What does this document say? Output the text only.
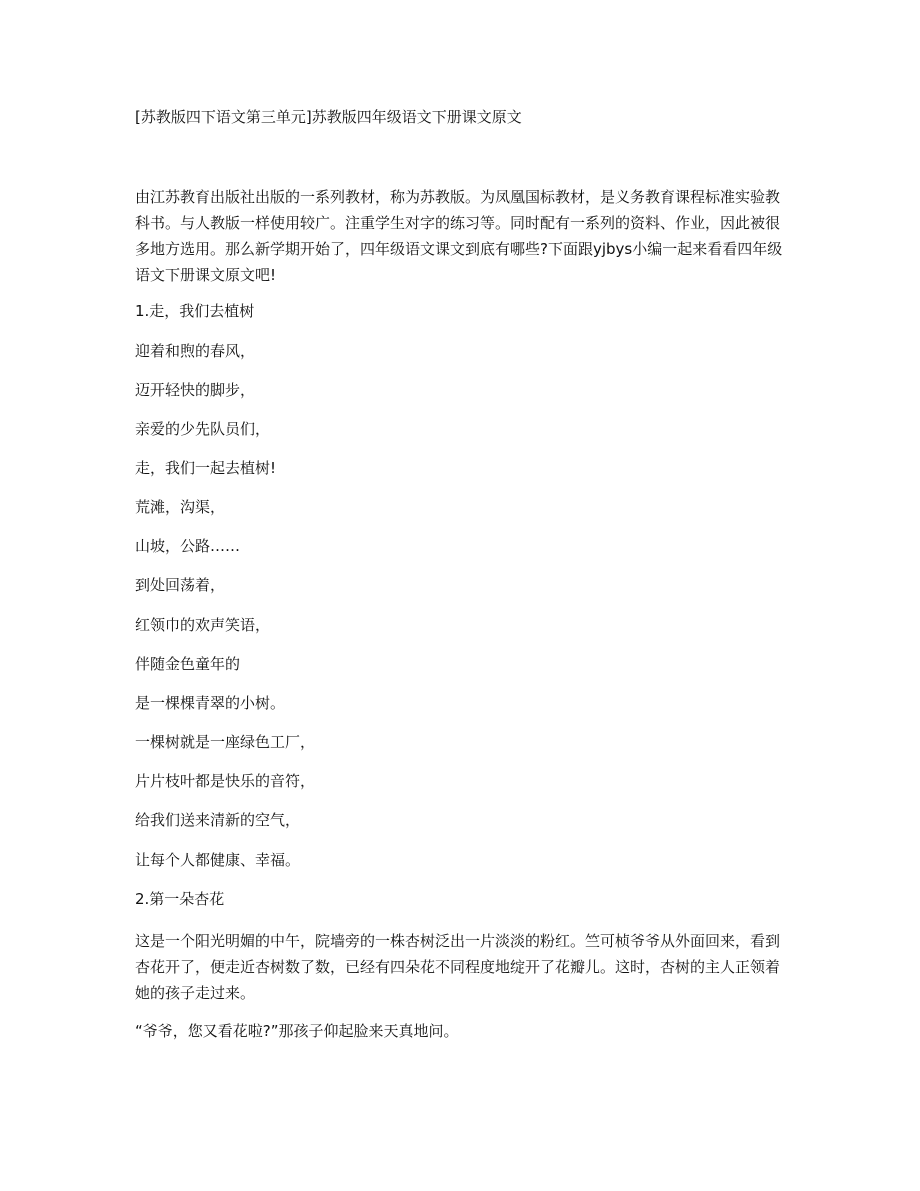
[苏教版四下语文第三单元]苏教版四年级语文下册课文原文

由江苏教育出版社出版的一系列教材，称为苏教版。为凤凰国标教材，是义务教育课程标准实验教科书。与人教版一样使用较广。注重学生对字的练习等。同时配有一系列的资料、作业，因此被很多地方选用。那么新学期开始了，四年级语文课文到底有哪些?下面跟yjbys小编一起来看看四年级语文下册课文原文吧!

1.走，我们去植树

迎着和煦的春风，

迈开轻快的脚步，

亲爱的少先队员们，

走，我们一起去植树!

荒滩，沟渠，

山坡，公路……

到处回荡着，

红领巾的欢声笑语，

伴随金色童年的

是一棵棵青翠的小树。

一棵树就是一座绿色工厂，

片片枝叶都是快乐的音符，

给我们送来清新的空气，

让每个人都健康、幸福。

2.第一朵杏花

这是一个阳光明媚的中午，院墙旁的一株杏树泛出一片淡淡的粉红。竺可桢爷爷从外面回来，看到杏花开了，便走近杏树数了数，已经有四朵花不同程度地绽开了花瓣儿。这时，杏树的主人正领着她的孩子走过来。

“爷爷，您又看花啦?”那孩子仰起脸来天真地问。
